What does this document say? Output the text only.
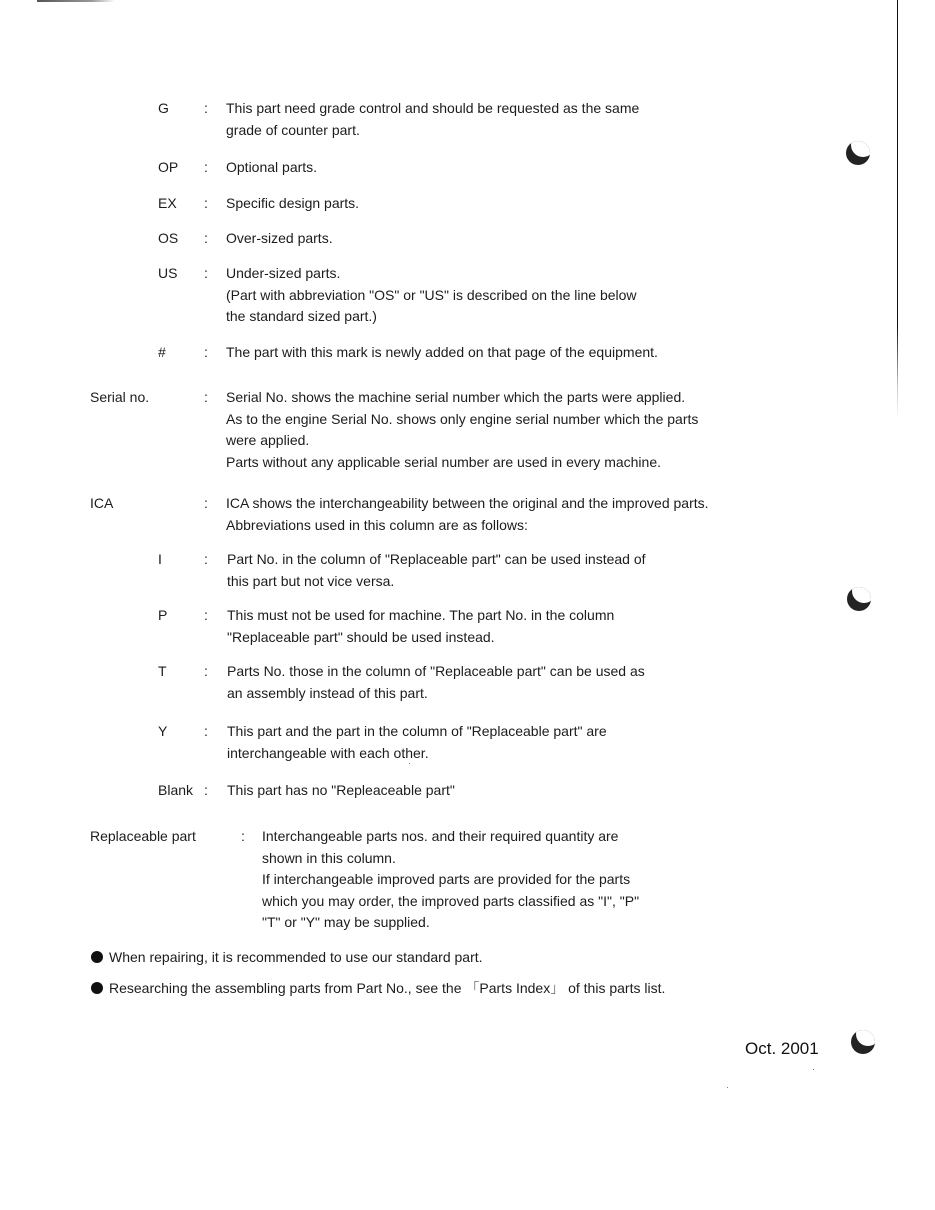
G	: This part need grade control and should be requested as the same
grade of counter part.
OP : Optional parts.
EX : Specific design parts.
OS : Over-sized parts.
US : Under-sized parts.
(Part with abbreviation "OS" or "US" is described on the line below
the standard sized part.)
#	: The part with this mark is newly added on that page of the equipment.
Serial no.	: Serial No. shows the machine serial number which the parts were applied.
As to the engine Serial No. shows only engine serial number which the parts
were applied.
Parts without any applicable serial number are used in every machine.
ICA	: ICA shows the interchangeability between the original and the improved parts.
Abbreviations used in this column are as follows:
I	: Part No. in the column of "Replaceable part" can be used instead of
this part but not vice versa.
P	: This must not be used for machine. The part No. in the column
"Replaceable part" should be used instead.
T	: Parts No. those in the column of "Replaceable part" can be used as
an assembly instead of this part.
Y	: This part and the part in the column of "Replaceable part" are
interchangeable with each other.
Blank : This part has no "Repleaceable part"
Replaceable part	: Interchangeable parts nos. and their required quantity are
shown in this column.
If interchangeable improved parts are provided for the parts
which you may order, the improved parts classified as "I", "P"
"T" or "Y" may be supplied.
When repairing, it is recommended to use our standard part.
Researching the assembling parts from Part No., see the 「Parts Index」 of this parts list.
Oct. 2001
